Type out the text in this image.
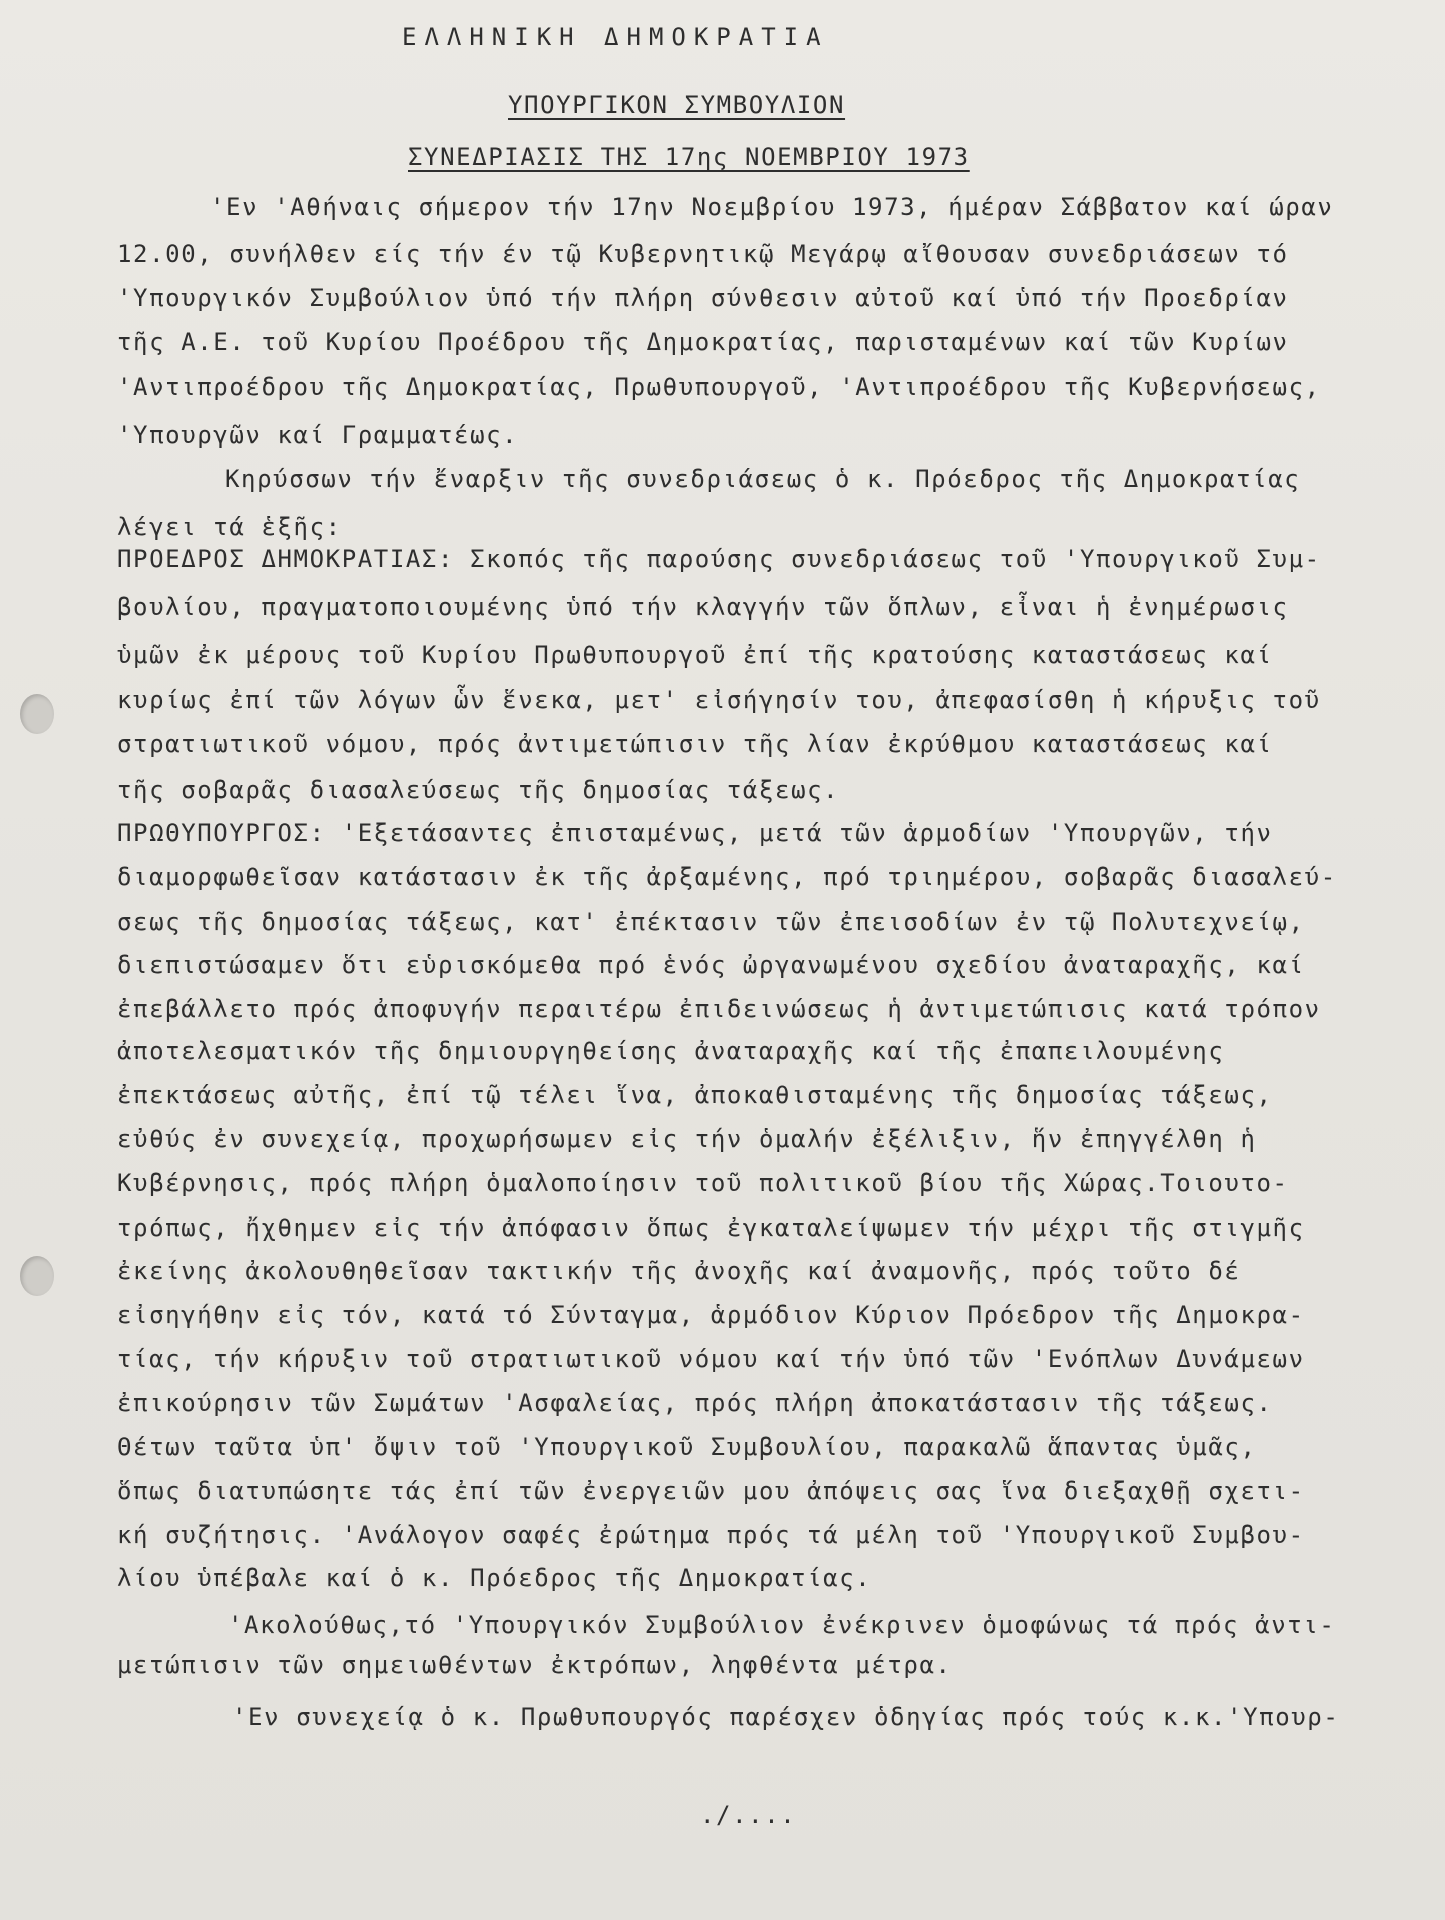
ΕΛΛΗΝΙΚΗ ΔΗΜΟΚΡΑΤΙΑ
ΥΠΟΥΡΓΙΚΟΝ ΣΥΜΒΟΥΛΙΟΝ
ΣΥΝΕΔΡΙΑΣΙΣ ΤΗΣ 17ης ΝΟΕΜΒΡΙΟΥ 1973
'Εν 'Αθήναις σήμερον τήν 17ην Νοεμβρίου 1973, ήμέραν Σάββατον καί ώραν
12.00, συνήλθεν είς τήν έν τῷ Κυβερνητικῷ Μεγάρῳ αἴθουσαν συνεδριάσεων τό
'Υπουργικόν Συμβούλιον ὑπό τήν πλήρη σύνθεσιν αὐτοῦ καί ὑπό τήν Προεδρίαν
τῆς Α.Ε. τοῦ Κυρίου Προέδρου τῆς Δημοκρατίας, παρισταμένων καί τῶν Κυρίων
'Αντιπροέδρου τῆς Δημοκρατίας, Πρωθυπουργοῦ, 'Αντιπροέδρου τῆς Κυβερνήσεως,
'Υπουργῶν καί Γραμματέως.
Κηρύσσων τήν ἔναρξιν τῆς συνεδριάσεως ὁ κ. Πρόεδρος τῆς Δημοκρατίας
λέγει τά ἑξῆς:
ΠΡΟΕΔΡΟΣ ΔΗΜΟΚΡΑΤΙΑΣ: Σκοπός τῆς παρούσης συνεδριάσεως τοῦ 'Υπουργικοῦ Συμ-
βουλίου, πραγματοποιουμένης ὑπό τήν κλαγγήν τῶν ὅπλων, εἶναι ἡ ἐνημέρωσις
ὑμῶν ἐκ μέρους τοῦ Κυρίου Πρωθυπουργοῦ ἐπί τῆς κρατούσης καταστάσεως καί
κυρίως ἐπί τῶν λόγων ὧν ἕνεκα, μετ' εἰσήγησίν του, ἀπεφασίσθη ἡ κήρυξις τοῦ
στρατιωτικοῦ νόμου, πρός ἀντιμετώπισιν τῆς λίαν ἐκρύθμου καταστάσεως καί
τῆς σοβαρᾶς διασαλεύσεως τῆς δημοσίας τάξεως.
ΠΡΩΘΥΠΟΥΡΓΟΣ: 'Εξετάσαντες ἐπισταμένως, μετά τῶν ἁρμοδίων 'Υπουργῶν, τήν
διαμορφωθεῖσαν κατάστασιν ἐκ τῆς ἀρξαμένης, πρό τριημέρου, σοβαρᾶς διασαλεύ-
σεως τῆς δημοσίας τάξεως, κατ' ἐπέκτασιν τῶν ἐπεισοδίων ἐν τῷ Πολυτεχνείῳ,
διεπιστώσαμεν ὅτι εὑρισκόμεθα πρό ἑνός ὠργανωμένου σχεδίου ἀναταραχῆς, καί
ἐπεβάλλετο πρός ἀποφυγήν περαιτέρω ἐπιδεινώσεως ἡ ἀντιμετώπισις κατά τρόπον
ἀποτελεσματικόν τῆς δημιουργηθείσης ἀναταραχῆς καί τῆς ἐπαπειλουμένης
ἐπεκτάσεως αὐτῆς, ἐπί τῷ τέλει ἵνα, ἀποκαθισταμένης τῆς δημοσίας τάξεως,
εὐθύς ἐν συνεχείᾳ, προχωρήσωμεν εἰς τήν ὁμαλήν ἐξέλιξιν, ἥν ἐπηγγέλθη ἡ
Κυβέρνησις, πρός πλήρη ὁμαλοποίησιν τοῦ πολιτικοῦ βίου τῆς Χώρας.Τοιουτο-
τρόπως, ἤχθημεν εἰς τήν ἀπόφασιν ὅπως ἐγκαταλείψωμεν τήν μέχρι τῆς στιγμῆς
ἐκείνης ἀκολουθηθεῖσαν τακτικήν τῆς ἀνοχῆς καί ἀναμονῆς, πρός τοῦτο δέ
εἰσηγήθην εἰς τόν, κατά τό Σύνταγμα, ἁρμόδιον Κύριον Πρόεδρον τῆς Δημοκρα-
τίας, τήν κήρυξιν τοῦ στρατιωτικοῦ νόμου καί τήν ὑπό τῶν 'Ενόπλων Δυνάμεων
ἐπικούρησιν τῶν Σωμάτων 'Ασφαλείας, πρός πλήρη ἀποκατάστασιν τῆς τάξεως.
Θέτων ταῦτα ὑπ' ὄψιν τοῦ 'Υπουργικοῦ Συμβουλίου, παρακαλῶ ἅπαντας ὑμᾶς,
ὅπως διατυπώσητε τάς ἐπί τῶν ἐνεργειῶν μου ἀπόψεις σας ἵνα διεξαχθῇ σχετι-
κή συζήτησις. 'Ανάλογον σαφές ἐρώτημα πρός τά μέλη τοῦ 'Υπουργικοῦ Συμβου-
λίου ὑπέβαλε καί ὁ κ. Πρόεδρος τῆς Δημοκρατίας.
'Ακολούθως,τό 'Υπουργικόν Συμβούλιον ἐνέκρινεν ὁμοφώνως τά πρός ἀντι-
μετώπισιν τῶν σημειωθέντων ἐκτρόπων, ληφθέντα μέτρα.
'Εν συνεχείᾳ ὁ κ. Πρωθυπουργός παρέσχεν ὁδηγίας πρός τούς κ.κ.'Υπουρ-
./....
